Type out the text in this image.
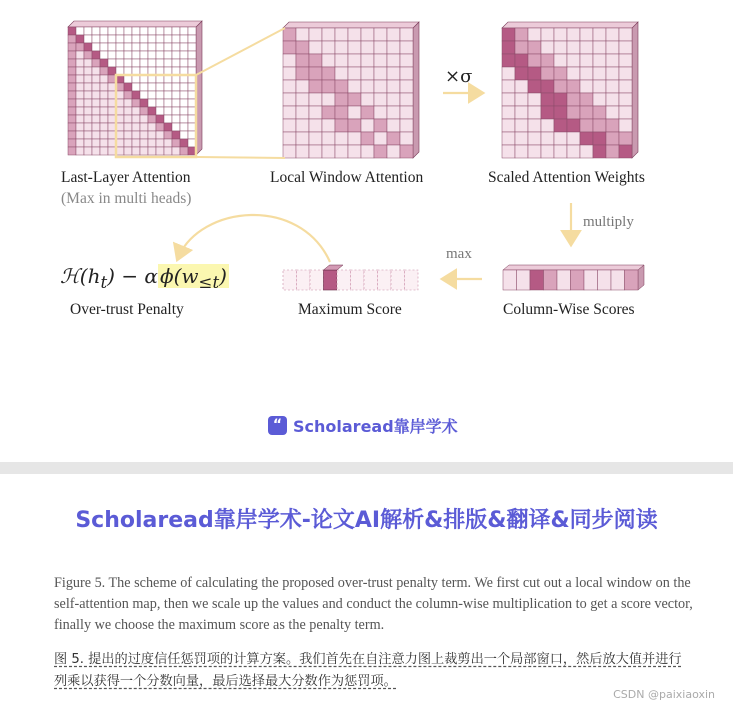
Last-Layer Attention
(Max in multi heads)
Local Window Attention	Scaled Attention Weights
×σ
multiply
max
Column-Wise Scores
Maximum Score
Over-trust Penalty
$ℋ(h_t) - \alpha$ $\phi(w_{\le t})$
“ Scholaread靠岸学术
Scholaread靠岸学术-论文AI解析&排版&翻译&同步阅读
Figure 5. The scheme of calculating the proposed over-trust penalty term. We first cut out a local window on the self-attention map, then we scale up the values and conduct the column-wise multiplication to get a score vector, finally we choose the maximum score as the penalty term.
图 5. 提出的过度信任惩罚项的计算方案。我们首先在自注意力图上裁剪出一个局部窗口，然后放大值并进行列乘以获得一个分数向量，最后选择最大分数作为惩罚项。
CSDN @paixiaoxin
